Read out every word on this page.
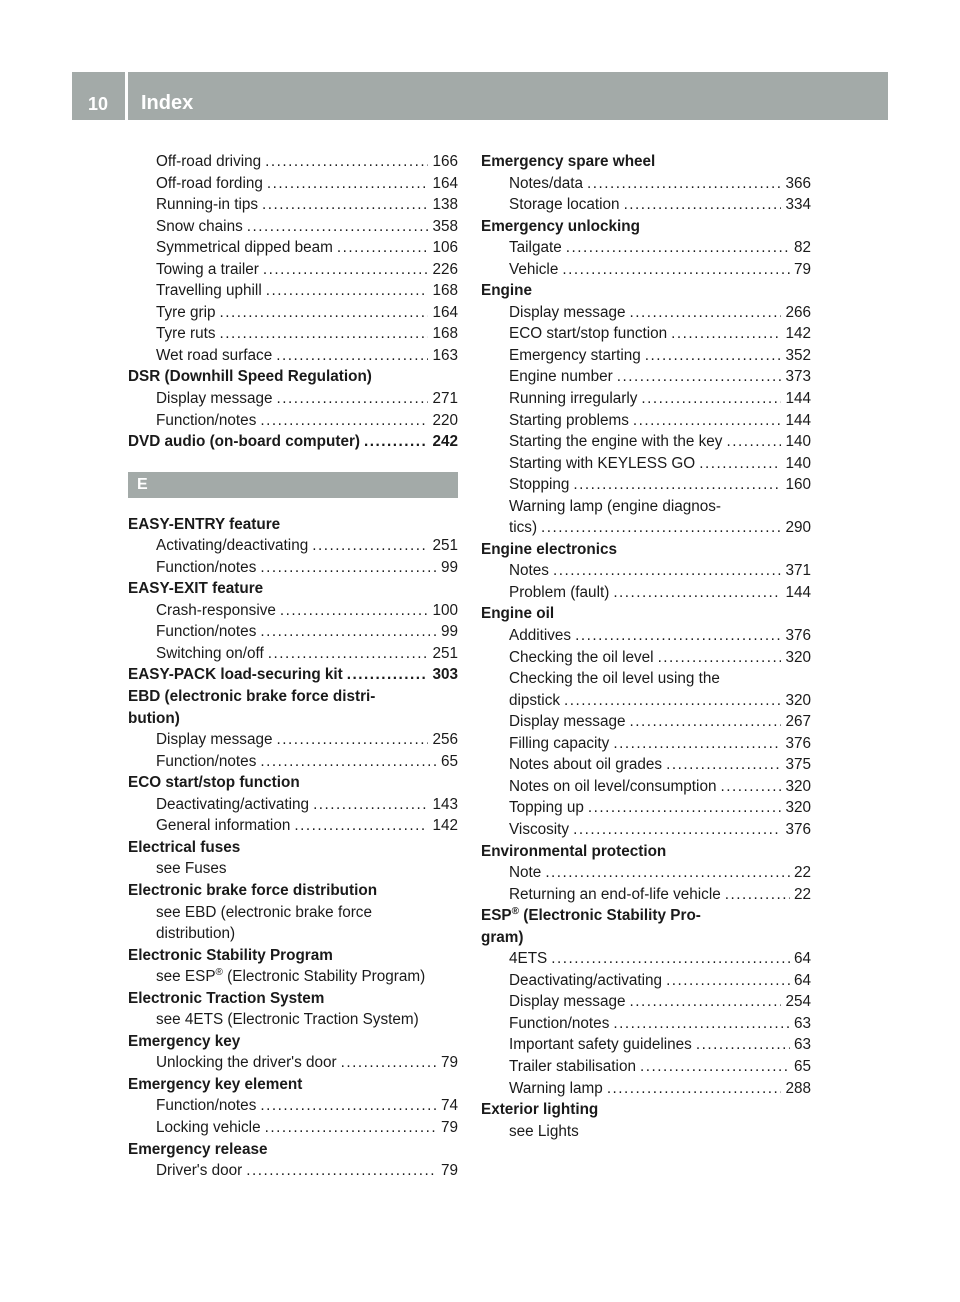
10	Index
Off-road driving .....	166
Off-road fording .....	164
Running-in tips .....	138
Snow chains .....	358
Symmetrical dipped beam .....	106
Towing a trailer .....	226
Travelling uphill .....	168
Tyre grip .....	164
Tyre ruts .....	168
Wet road surface .....	163
DSR (Downhill Speed Regulation)
Display message .....	271
Function/notes .....	220
DVD audio (on-board computer) .....	242
E
EASY-ENTRY feature
Activating/deactivating .....	251
Function/notes .....	99
EASY-EXIT feature
Crash-responsive .....	100
Function/notes .....	99
Switching on/off .....	251
EASY-PACK load-securing kit .....	303
EBD (electronic brake force distri-
bution)
Display message .....	256
Function/notes .....	65
ECO start/stop function
Deactivating/activating .....	143
General information .....	142
Electrical fuses
see Fuses
Electronic brake force distribution
see EBD (electronic brake force
distribution)
Electronic Stability Program
see ESP® (Electronic Stability Program)
Electronic Traction System
see 4ETS (Electronic Traction System)
Emergency key
Unlocking the driver's door .....	79
Emergency key element
Function/notes .....	74
Locking vehicle .....	79
Emergency release
Driver's door .....	79
Emergency spare wheel
Notes/data .....	366
Storage location .....	334
Emergency unlocking
Tailgate .....	82
Vehicle .....	79
Engine
Display message .....	266
ECO start/stop function .....	142
Emergency starting .....	352
Engine number .....	373
Running irregularly .....	144
Starting problems .....	144
Starting the engine with the key .....	140
Starting with KEYLESS GO .....	140
Stopping .....	160
Warning lamp (engine diagnos-
tics) .....	290
Engine electronics
Notes .....	371
Problem (fault) .....	144
Engine oil
Additives .....	376
Checking the oil level .....	320
Checking the oil level using the
dipstick .....	320
Display message .....	267
Filling capacity .....	376
Notes about oil grades .....	375
Notes on oil level/consumption .....	320
Topping up .....	320
Viscosity .....	376
Environmental protection
Note .....	22
Returning an end-of-life vehicle .....	22
ESP® (Electronic Stability Pro-
gram)
4ETS .....	64
Deactivating/activating .....	64
Display message .....	254
Function/notes .....	63
Important safety guidelines .....	63
Trailer stabilisation .....	65
Warning lamp .....	288
Exterior lighting
see Lights
